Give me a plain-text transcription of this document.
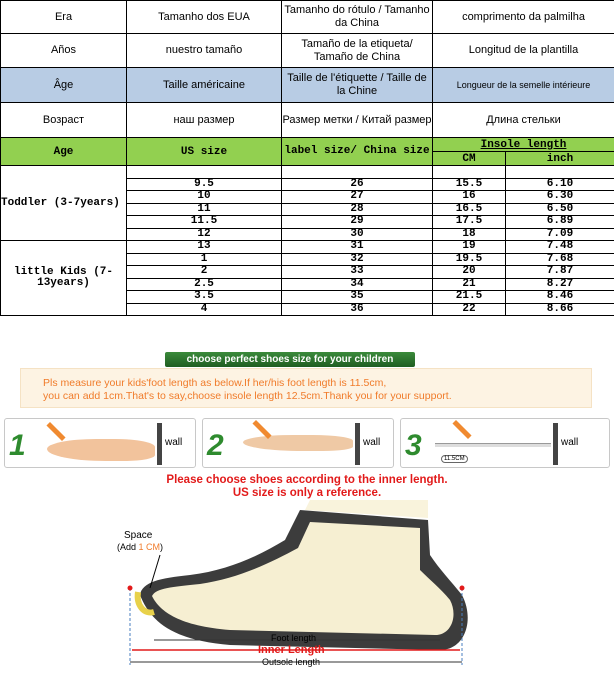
Era	Tamanho dos EUA	Tamanho do rótulo / Tamanho da China	comprimento da palmilha	
Años	nuestro tamaño	Tamaño de la etiqueta/ Tamaño de China	Longitud de la plantilla	
Âge	Taille américaine	Taille de l'étiquette / Taille de la Chine	Longueur de la semelle intérieure	
Возраст	наш размер	Размер метки / Китай размер	Длина стельки	
Age	US size	label size/ China size	Insole length	
			CM	inch
Toddler (3-7years)				
	9.5	26	15.5	6.10
	10	27	16	6.30
	11	28	16.5	6.50
	11.5	29	17.5	6.89
	12	30	18	7.09
little Kids (7-13years)	13	31	19	7.48
	1	32	19.5	7.68
	2	33	20	7.87
	2.5	34	21	8.27
	3.5	35	21.5	8.46
	4	36	22	8.66
choose perfect shoes size for your children
Pls measure your kids'foot length as below.If her/his foot length is 11.5cm,
you can add 1cm.That's to say,choose insole length 12.5cm.Thank you for your support.
1	wall 2	wall 3	11.5CM
wall
Please choose shoes according to the inner length.
US size is only a reference.
Space
(Add 1 CM)
Foot length
Inner Length
Outsole length
